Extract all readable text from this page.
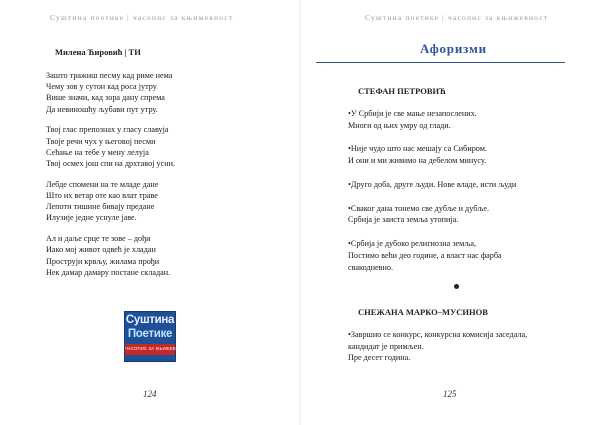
Суштина поетике | часопис за књижевност
Милена Ћировић | ТИ
Зашто тражиш песму кад риме нема
Чему зов у сутон кад роса јутру
Више значи, кад зора дану спрема
Да невиношћу љубави пут утру.
Твој глас препознах у гласу славуја
Твоје речи чух у његовој песми
Сећање на тебе у мену лелуја
Твој осмех још спи на дрхтавој усни.
Лебде спомени на те младе дане
Што их ветар оте као влат траве
Лепоти тишине бивају предане
Илузије једне уснуле јаве.
Ал и даље срце те зове – дођи
Иако мој живот одвећ је хладан
Проструји крвљу, жилама прођи
Нек дамар дамару постане складан.
Суштина
Поетике
ЧАСОПИС ЗА КЊИЖЕВНОСТ
124
Суштина поетике | часопис за књижевност
Афоризми
СТЕФАН ПЕТРОВИЋ
•У Србији је све мање незапослених.
Многи од њих умру од глади.
•Није чудо што нас мешају са Сибиром.
И они и ми живимо на дебелом минусу.
•Друго доба, друге људи. Нове владе, исти људи
•Сваког дана тонемо све дубље и дубље.
Србија је заиста земља утопија.
•Србија је дубоко религиозна земља,
Постимо већи део године, а власт нас фарба
свакодневно.
СНЕЖАНА МАРКО–МУСИНОВ
•Завршио се конкурс, конкурсна комисија заседала,
кандидат је примљен.
Пре десет година.
125
